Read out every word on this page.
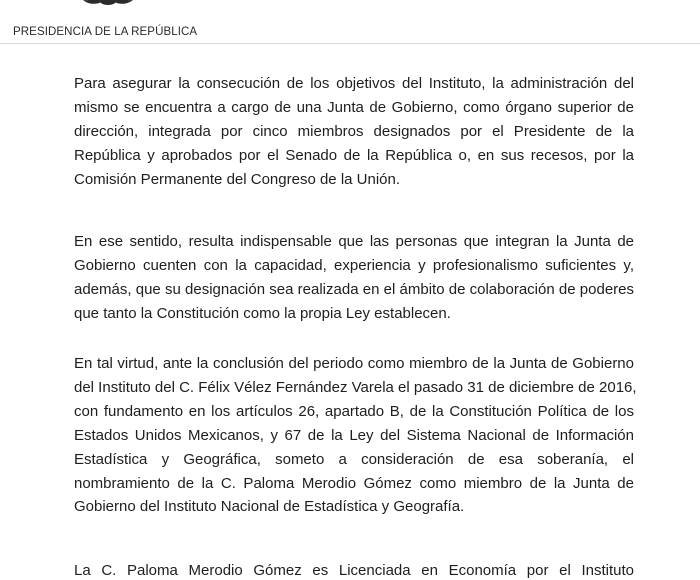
PRESIDENCIA DE LA REPÚBLICA
Para asegurar la consecución de los objetivos del Instituto, la administración del
mismo se encuentra a cargo de una Junta de Gobierno, como órgano superior de
dirección, integrada por cinco miembros designados por el Presidente de la
República y aprobados por el Senado de la República o, en sus recesos, por la
Comisión Permanente del Congreso de la Unión.
En ese sentido, resulta indispensable que las personas que integran la Junta de
Gobierno cuenten con la capacidad, experiencia y profesionalismo suficientes y,
además, que su designación sea realizada en el ámbito de colaboración de poderes
que tanto la Constitución como la propia Ley establecen.
En tal virtud, ante la conclusión del periodo como miembro de la Junta de Gobierno
del Instituto del C. Félix Vélez Fernández Varela el pasado 31 de diciembre de 2016,
con fundamento en los artículos 26, apartado B, de la Constitución Política de los
Estados Unidos Mexicanos, y 67 de la Ley del Sistema Nacional de Información
Estadística y Geográfica, someto a consideración de esa soberanía, el
nombramiento de la C. Paloma Merodio Gómez como miembro de la Junta de
Gobierno del Instituto Nacional de Estadística y Geografía.
La C. Paloma Merodio Gómez es Licenciada en Economía por el Instituto
